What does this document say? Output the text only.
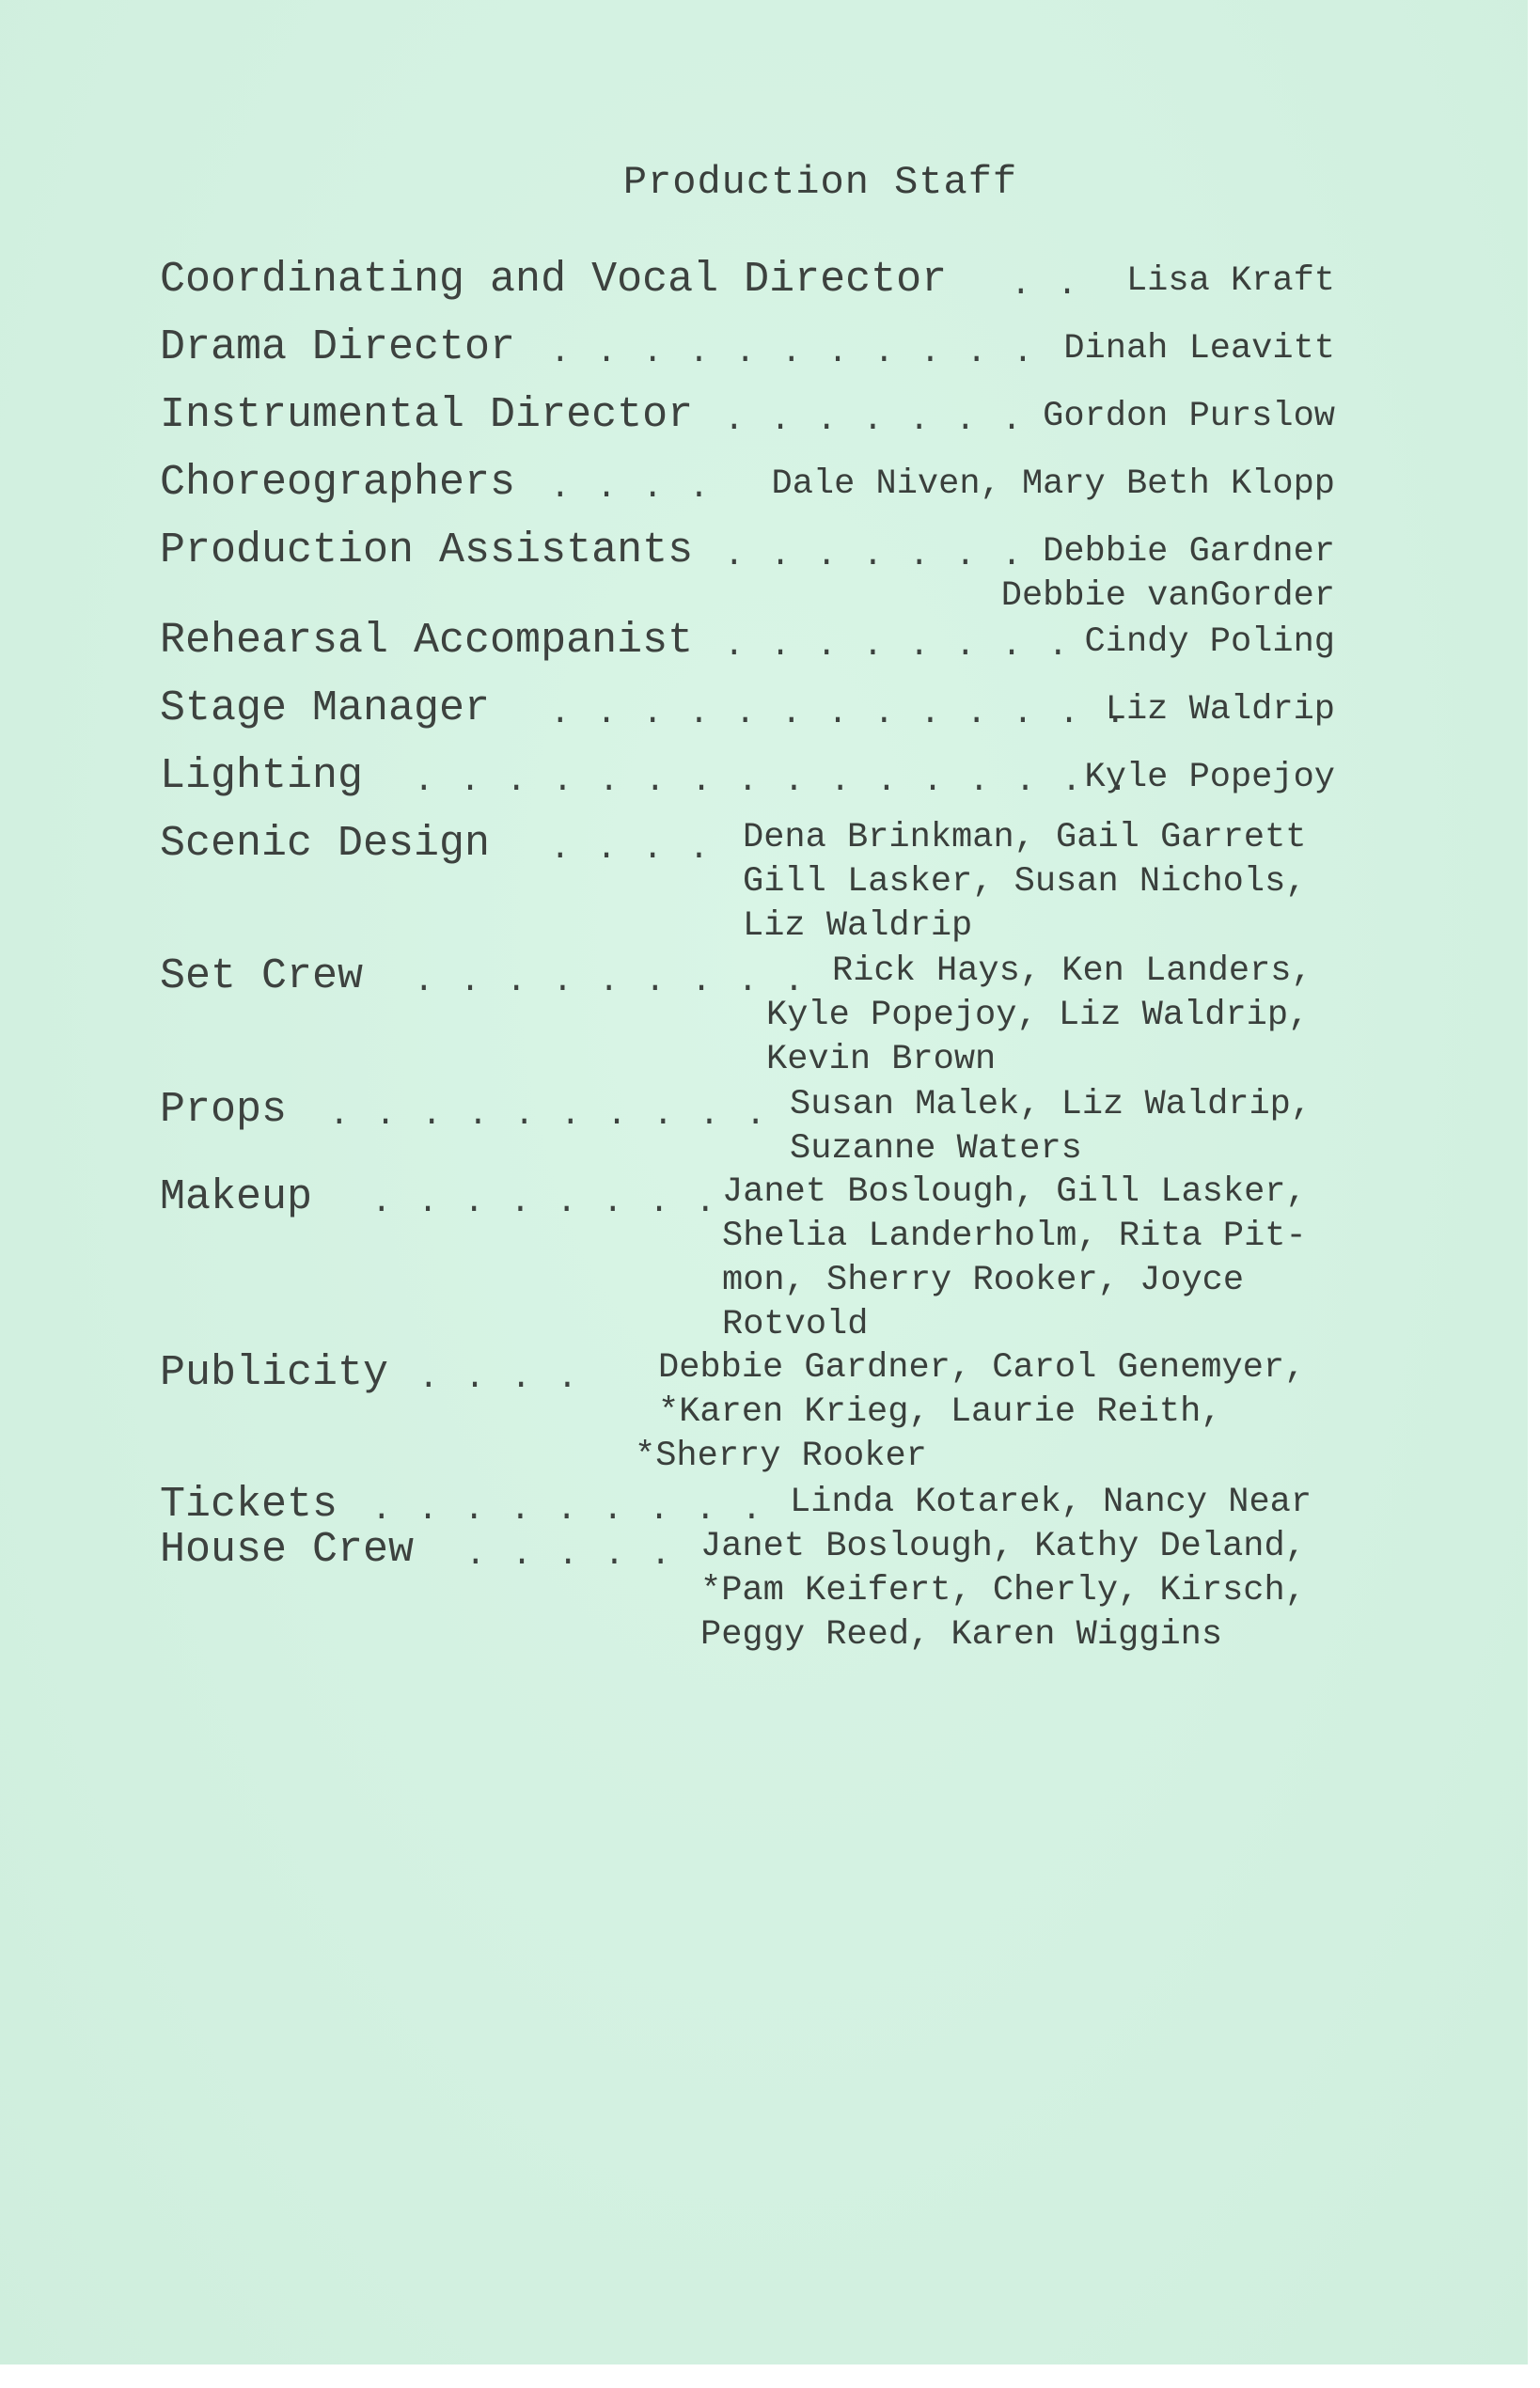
Production Staff
Coordinating and Vocal Director . . Lisa Kraft
Drama Director . . . . . . . . . . . Dinah Leavitt
Instrumental Director . . . . . . . Gordon Purslow
Choreographers . . . . Dale Niven, Mary Beth Klopp
Production Assistants . . . . . . . Debbie Gardner
Debbie vanGorder
Rehearsal Accompanist . . . . . . . . Cindy Poling
Stage Manager . . . . . . . . . . . . .
Liz Waldrip
Lighting . . . . . . . . . . . . . . . .
Kyle Popejoy
Scenic Design . . . . Dena Brinkman, Gail Garrett
Gill Lasker, Susan Nichols,
Liz Waldrip
Set Crew . . . . . . . . . Rick Hays, Ken Landers,
Kyle Popejoy, Liz Waldrip,
Kevin Brown
Props . . . . . . . . . . Susan Malek, Liz Waldrip,
Suzanne Waters
Makeup . . . . . . . . Janet Boslough, Gill Lasker,
Shelia Landerholm, Rita Pit-
mon, Sherry Rooker, Joyce
Rotvold
Publicity . . . .	Debbie Gardner, Carol Genemyer,
*Karen Krieg, Laurie Reith,
*Sherry Rooker
Tickets . . . . . . . . . Linda Kotarek, Nancy Near
House Crew . . . . . Janet Boslough, Kathy Deland,
*Pam Keifert, Cherly, Kirsch,
Peggy Reed, Karen Wiggins
